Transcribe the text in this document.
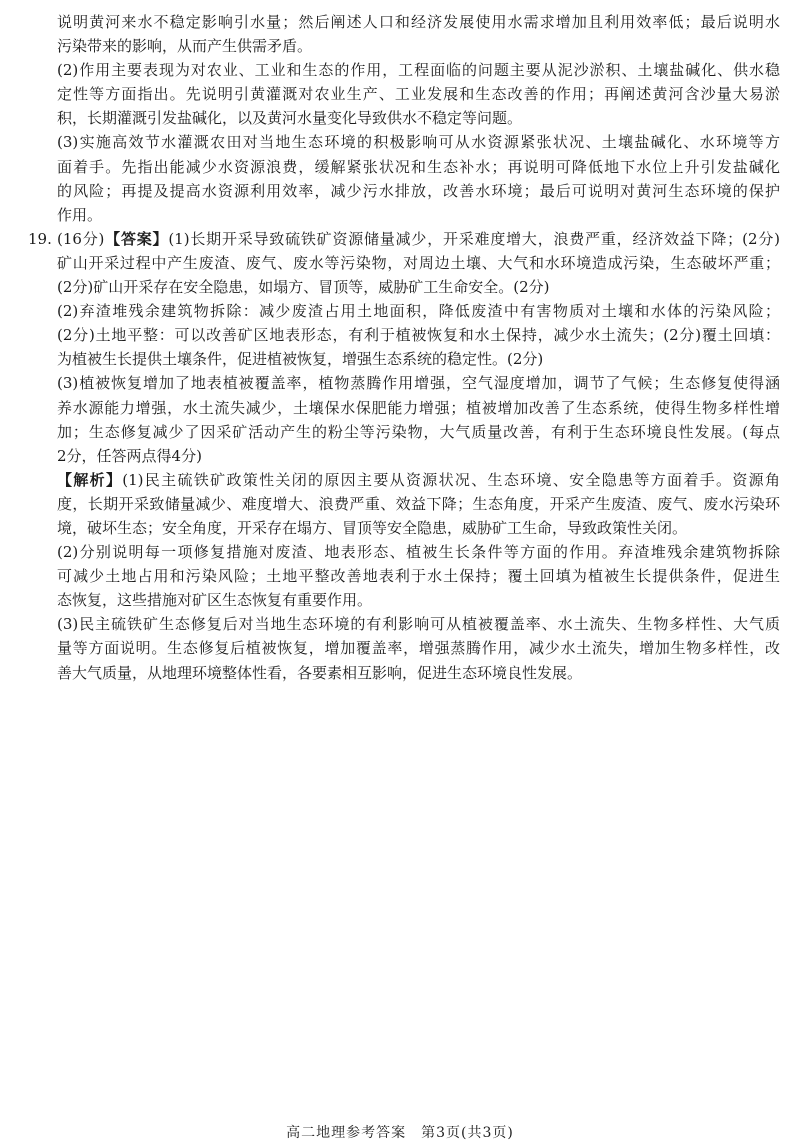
说明黄河来水不稳定影响引水量；然后阐述人口和经济发展使用水需求增加且利用效率低；最后说明水
污染带来的影响，从而产生供需矛盾。
(2)作用主要表现为对农业、工业和生态的作用，工程面临的问题主要从泥沙淤积、土壤盐碱化、供水稳
定性等方面指出。先说明引黄灌溉对农业生产、工业发展和生态改善的作用；再阐述黄河含沙量大易淤
积，长期灌溉引发盐碱化，以及黄河水量变化导致供水不稳定等问题。
(3)实施高效节水灌溉农田对当地生态环境的积极影响可从水资源紧张状况、土壤盐碱化、水环境等方
面着手。先指出能减少水资源浪费，缓解紧张状况和生态补水；再说明可降低地下水位上升引发盐碱化
的风险；再提及提高水资源利用效率，减少污水排放，改善水环境；最后可说明对黄河生态环境的保护
作用。
19. (16分)【答案】(1)长期开采导致硫铁矿资源储量减少，开采难度增大，浪费严重，经济效益下降；(2分)
矿山开采过程中产生废渣、废气、废水等污染物，对周边土壤、大气和水环境造成污染，生态破坏严重；
(2分)矿山开采存在安全隐患，如塌方、冒顶等，威胁矿工生命安全。(2分)
(2)弃渣堆残余建筑物拆除：减少废渣占用土地面积，降低废渣中有害物质对土壤和水体的污染风险；
(2分)土地平整：可以改善矿区地表形态，有利于植被恢复和水土保持，减少水土流失；(2分)覆土回填：
为植被生长提供土壤条件，促进植被恢复，增强生态系统的稳定性。(2分)
(3)植被恢复增加了地表植被覆盖率，植物蒸腾作用增强，空气湿度增加，调节了气候；生态修复使得涵
养水源能力增强，水土流失减少，土壤保水保肥能力增强；植被增加改善了生态系统，使得生物多样性增
加；生态修复减少了因采矿活动产生的粉尘等污染物，大气质量改善，有利于生态环境良性发展。(每点
2分，任答两点得4分)
【解析】(1)民主硫铁矿政策性关闭的原因主要从资源状况、生态环境、安全隐患等方面着手。资源角
度，长期开采致储量减少、难度增大、浪费严重、效益下降；生态角度，开采产生废渣、废气、废水污染环
境，破坏生态；安全角度，开采存在塌方、冒顶等安全隐患，威胁矿工生命，导致政策性关闭。
(2)分别说明每一项修复措施对废渣、地表形态、植被生长条件等方面的作用。弃渣堆残余建筑物拆除
可减少土地占用和污染风险；土地平整改善地表利于水土保持；覆土回填为植被生长提供条件，促进生
态恢复，这些措施对矿区生态恢复有重要作用。
(3)民主硫铁矿生态修复后对当地生态环境的有利影响可从植被覆盖率、水土流失、生物多样性、大气质
量等方面说明。生态修复后植被恢复，增加覆盖率，增强蒸腾作用，减少水土流失，增加生物多样性，改
善大气质量，从地理环境整体性看，各要素相互影响，促进生态环境良性发展。
高二地理参考答案　第3页(共3页)
